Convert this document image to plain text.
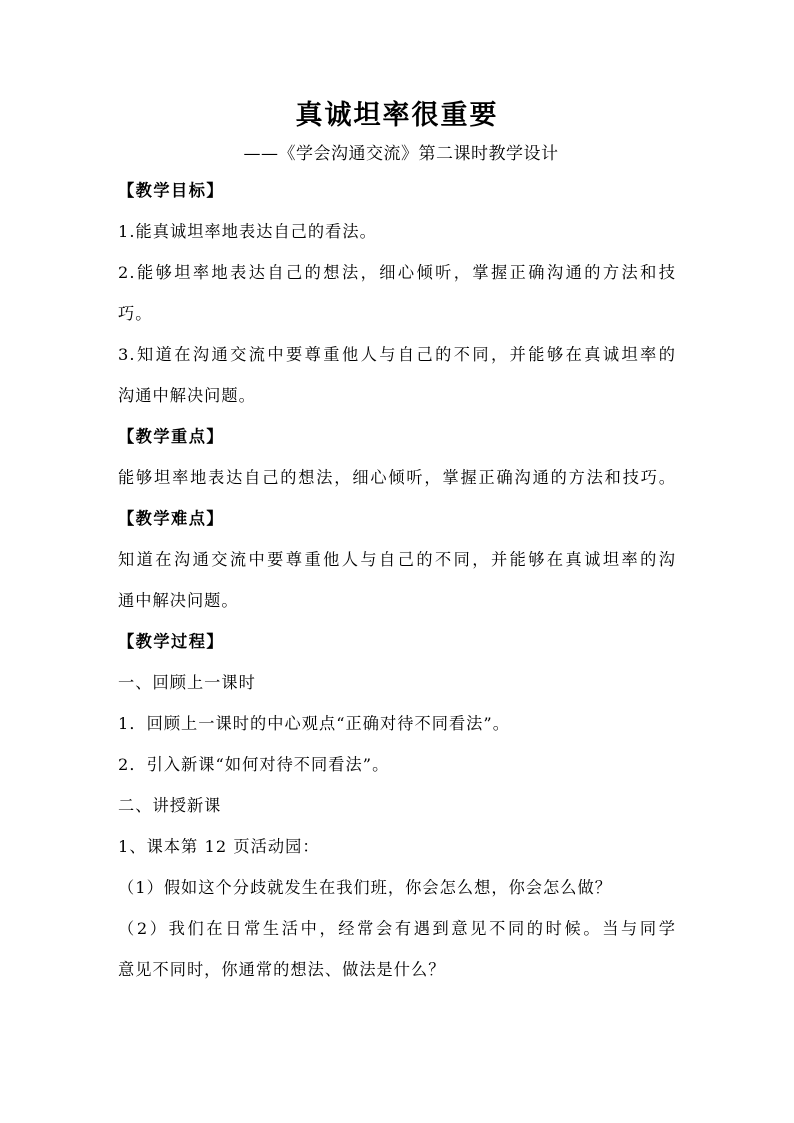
真诚坦率很重要
——《学会沟通交流》第二课时教学设计
【教学目标】
1.能真诚坦率地表达自己的看法。
2.能够坦率地表达自己的想法，细心倾听，掌握正确沟通的方法和技
巧。
3.知道在沟通交流中要尊重他人与自己的不同，并能够在真诚坦率的
沟通中解决问题。
【教学重点】
能够坦率地表达自己的想法，细心倾听，掌握正确沟通的方法和技巧。
【教学难点】
知道在沟通交流中要尊重他人与自己的不同，并能够在真诚坦率的沟
通中解决问题。
【教学过程】
一、回顾上一课时
1．回顾上一课时的中心观点“正确对待不同看法”。
2．引入新课“如何对待不同看法”。
二、讲授新课
1、课本第 12 页活动园：
（1）假如这个分歧就发生在我们班，你会怎么想，你会怎么做？
（2）我们在日常生活中，经常会有遇到意见不同的时候。当与同学
意见不同时，你通常的想法、做法是什么？
